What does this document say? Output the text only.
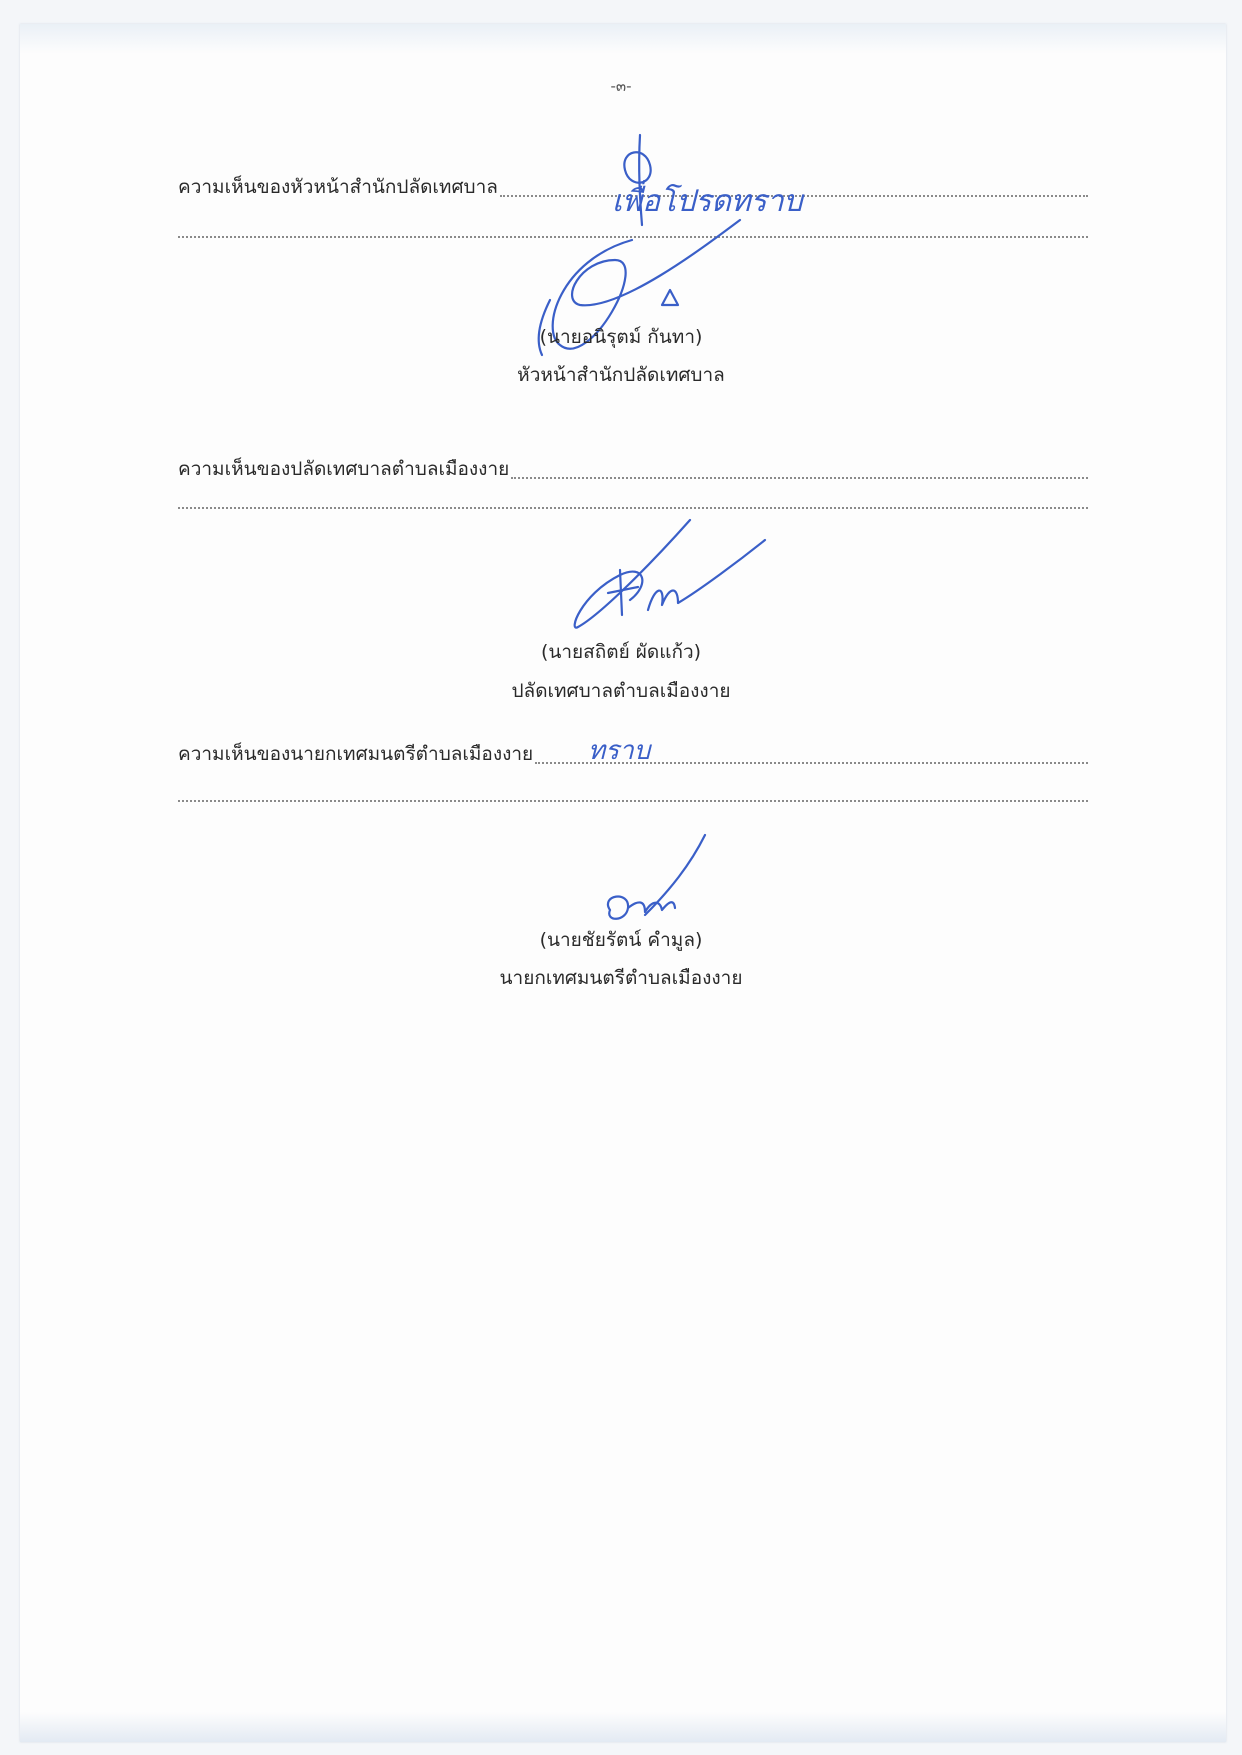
-๓-
ความเห็นของหัวหน้าสำนักปลัดเทศบาล	เพื่อโปรดทราบ
(นายอนิรุตม์ กันทา)
หัวหน้าสำนักปลัดเทศบาล
ความเห็นของปลัดเทศบาลตำบลเมืองงาย
(นายสถิตย์ ผัดแก้ว)
ปลัดเทศบาลตำบลเมืองงาย
ความเห็นของนายกเทศมนตรีตำบลเมืองงาย ทราบ
(นายชัยรัตน์ คำมูล)
นายกเทศมนตรีตำบลเมืองงาย
